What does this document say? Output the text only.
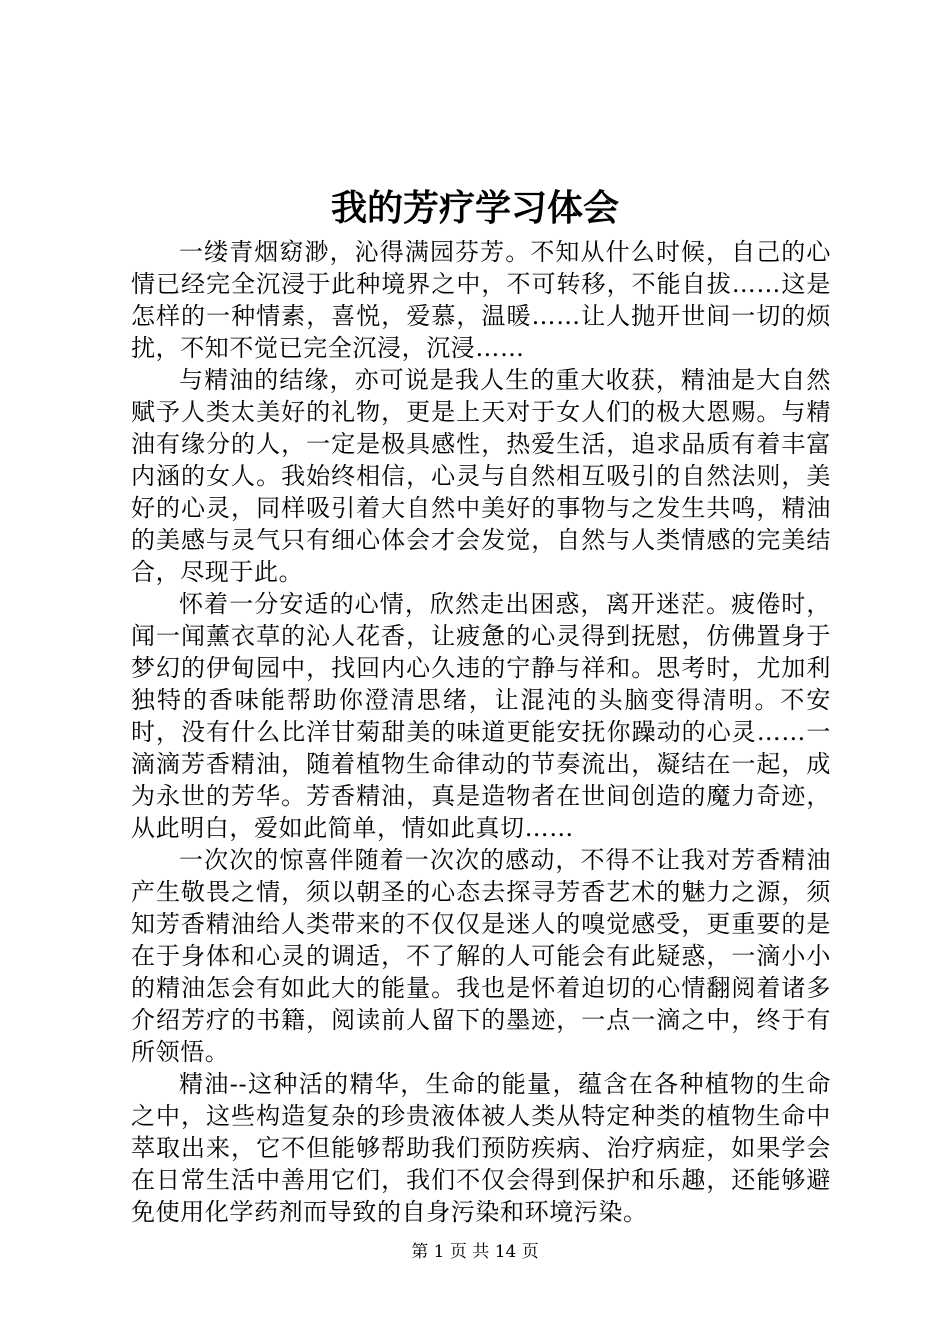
我的芳疗学习体会

一缕青烟窈渺，沁得满园芬芳。不知从什么时候，自己的心情已经完全沉浸于此种境界之中，不可转移，不能自拔……这是怎样的一种情素，喜悦，爱慕，温暖……让人抛开世间一切的烦扰，不知不觉已完全沉浸，沉浸……

与精油的结缘，亦可说是我人生的重大收获，精油是大自然赋予人类太美好的礼物，更是上天对于女人们的极大恩赐。与精油有缘分的人，一定是极具感性，热爱生活，追求品质有着丰富内涵的女人。我始终相信，心灵与自然相互吸引的自然法则，美好的心灵，同样吸引着大自然中美好的事物与之发生共鸣，精油的美感与灵气只有细心体会才会发觉，自然与人类情感的完美结合，尽现于此。

怀着一分安适的心情，欣然走出困惑，离开迷茫。疲倦时，闻一闻薰衣草的沁人花香，让疲惫的心灵得到抚慰，仿佛置身于梦幻的伊甸园中，找回内心久违的宁静与祥和。思考时，尤加利独特的香味能帮助你澄清思绪，让混沌的头脑变得清明。不安时，没有什么比洋甘菊甜美的味道更能安抚你躁动的心灵……一滴滴芳香精油，随着植物生命律动的节奏流出，凝结在一起，成为永世的芳华。芳香精油，真是造物者在世间创造的魔力奇迹，从此明白，爱如此简单，情如此真切……

一次次的惊喜伴随着一次次的感动，不得不让我对芳香精油产生敬畏之情，须以朝圣的心态去探寻芳香艺术的魅力之源，须知芳香精油给人类带来的不仅仅是迷人的嗅觉感受，更重要的是在于身体和心灵的调适，不了解的人可能会有此疑惑，一滴小小的精油怎会有如此大的能量。我也是怀着迫切的心情翻阅着诸多介绍芳疗的书籍，阅读前人留下的墨迹，一点一滴之中，终于有所领悟。

精油--这种活的精华，生命的能量，蕴含在各种植物的生命之中，这些构造复杂的珍贵液体被人类从特定种类的植物生命中萃取出来，它不但能够帮助我们预防疾病、治疗病症，如果学会在日常生活中善用它们，我们不仅会得到保护和乐趣，还能够避免使用化学药剂而导致的自身污染和环境污染。

第 1 页 共 14 页
